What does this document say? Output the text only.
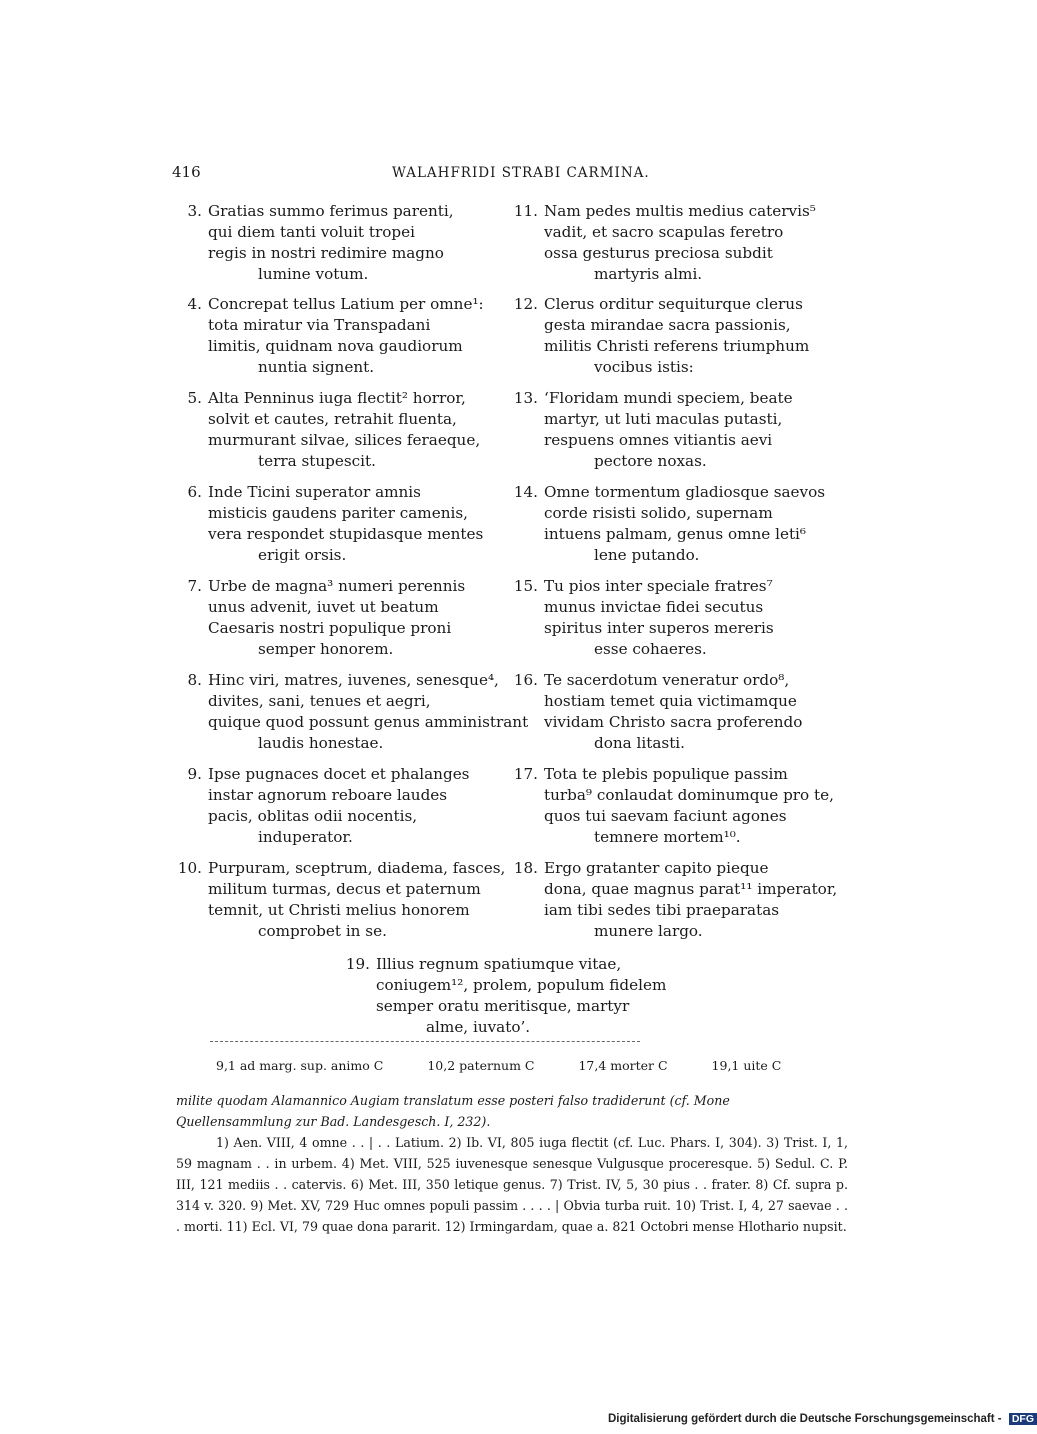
416	WALAHFRIDI STRABI CARMINA.
3. Gratias summo ferimus parenti,
qui diem tanti voluit tropei
regis in nostri redimire magno
lumine votum.
4. Concrepat tellus Latium per omne¹:
tota miratur via Transpadani
limitis, quidnam nova gaudiorum
nuntia signent.
5. Alta Penninus iuga flectit² horror,
solvit et cautes, retrahit fluenta,
murmurant silvae, silices feraeque,
terra stupescit.
6. Inde Ticini superator amnis
misticis gaudens pariter camenis,
vera respondet stupidasque mentes
erigit orsis.
7. Urbe de magna³ numeri perennis
unus advenit, iuvet ut beatum
Caesaris nostri populique proni
semper honorem.
8. Hinc viri, matres, iuvenes, senesque⁴,
divites, sani, tenues et aegri,
quique quod possunt genus amministrant
laudis honestae.
9. Ipse pugnaces docet et phalanges
instar agnorum reboare laudes
pacis, oblitas odii nocentis,
induperator.
10. Purpuram, sceptrum, diadema, fasces,
militum turmas, decus et paternum
temnit, ut Christi melius honorem
comprobet in se.
11. Nam pedes multis medius catervis⁵
vadit, et sacro scapulas feretro
ossa gesturus preciosa subdit
martyris almi.
12. Clerus orditur sequiturque clerus
gesta mirandae sacra passionis,
militis Christi referens triumphum
vocibus istis:
13. ‘Floridam mundi speciem, beate
martyr, ut luti maculas putasti,
respuens omnes vitiantis aevi
pectore noxas.
14. Omne tormentum gladiosque saevos
corde risisti solido, supernam
intuens palmam, genus omne leti⁶
lene putando.
15. Tu pios inter speciale fratres⁷
munus invictae fidei secutus
spiritus inter superos mereris
esse cohaeres.
16. Te sacerdotum veneratur ordo⁸,
hostiam temet quia victimamque
vividam Christo sacra proferendo
dona litasti.
17. Tota te plebis populique passim
turba⁹ conlaudat dominumque pro te,
quos tui saevam faciunt agones
temnere mortem¹⁰.
18. Ergo gratanter capito pieque
dona, quae magnus parat¹¹ imperator,
iam tibi sedes tibi praeparatas
munere largo.
19. Illius regnum spatiumque vitae,
coniugem¹², prolem, populum fidelem
semper oratu meritisque, martyr
alme, iuvato’.
9,1 ad marg. sup. animo C	10,2 paternum C	17,4 morter C	19,1 uite C

milite quodam Alamannico Augiam translatum esse posteri falso tradiderunt (cf. Mone Quellensammlung zur Bad. Landesgesch. I, 232).

1) Aen. VIII, 4 omne . . | . . Latium. 2) Ib. VI, 805 iuga flectit (cf. Luc. Phars. I, 304). 3) Trist. I, 1, 59 magnam . . in urbem. 4) Met. VIII, 525 iuvenesque senesque Vulgusque proceresque. 5) Sedul. C. P. III, 121 mediis . . catervis. 6) Met. III, 350 letique genus. 7) Trist. IV, 5, 30 pius . . frater. 8) Cf. supra p. 314 v. 320. 9) Met. XV, 729 Huc omnes populi passim . . . . | Obvia turba ruit. 10) Trist. I, 4, 27 saevae . . . morti. 11) Ecl. VI, 79 quae dona pararit. 12) Irmingardam, quae a. 821 Octobri mense Hlothario nupsit.

Digitalisierung gefördert durch die Deutsche Forschungsgemeinschaft - DFG
